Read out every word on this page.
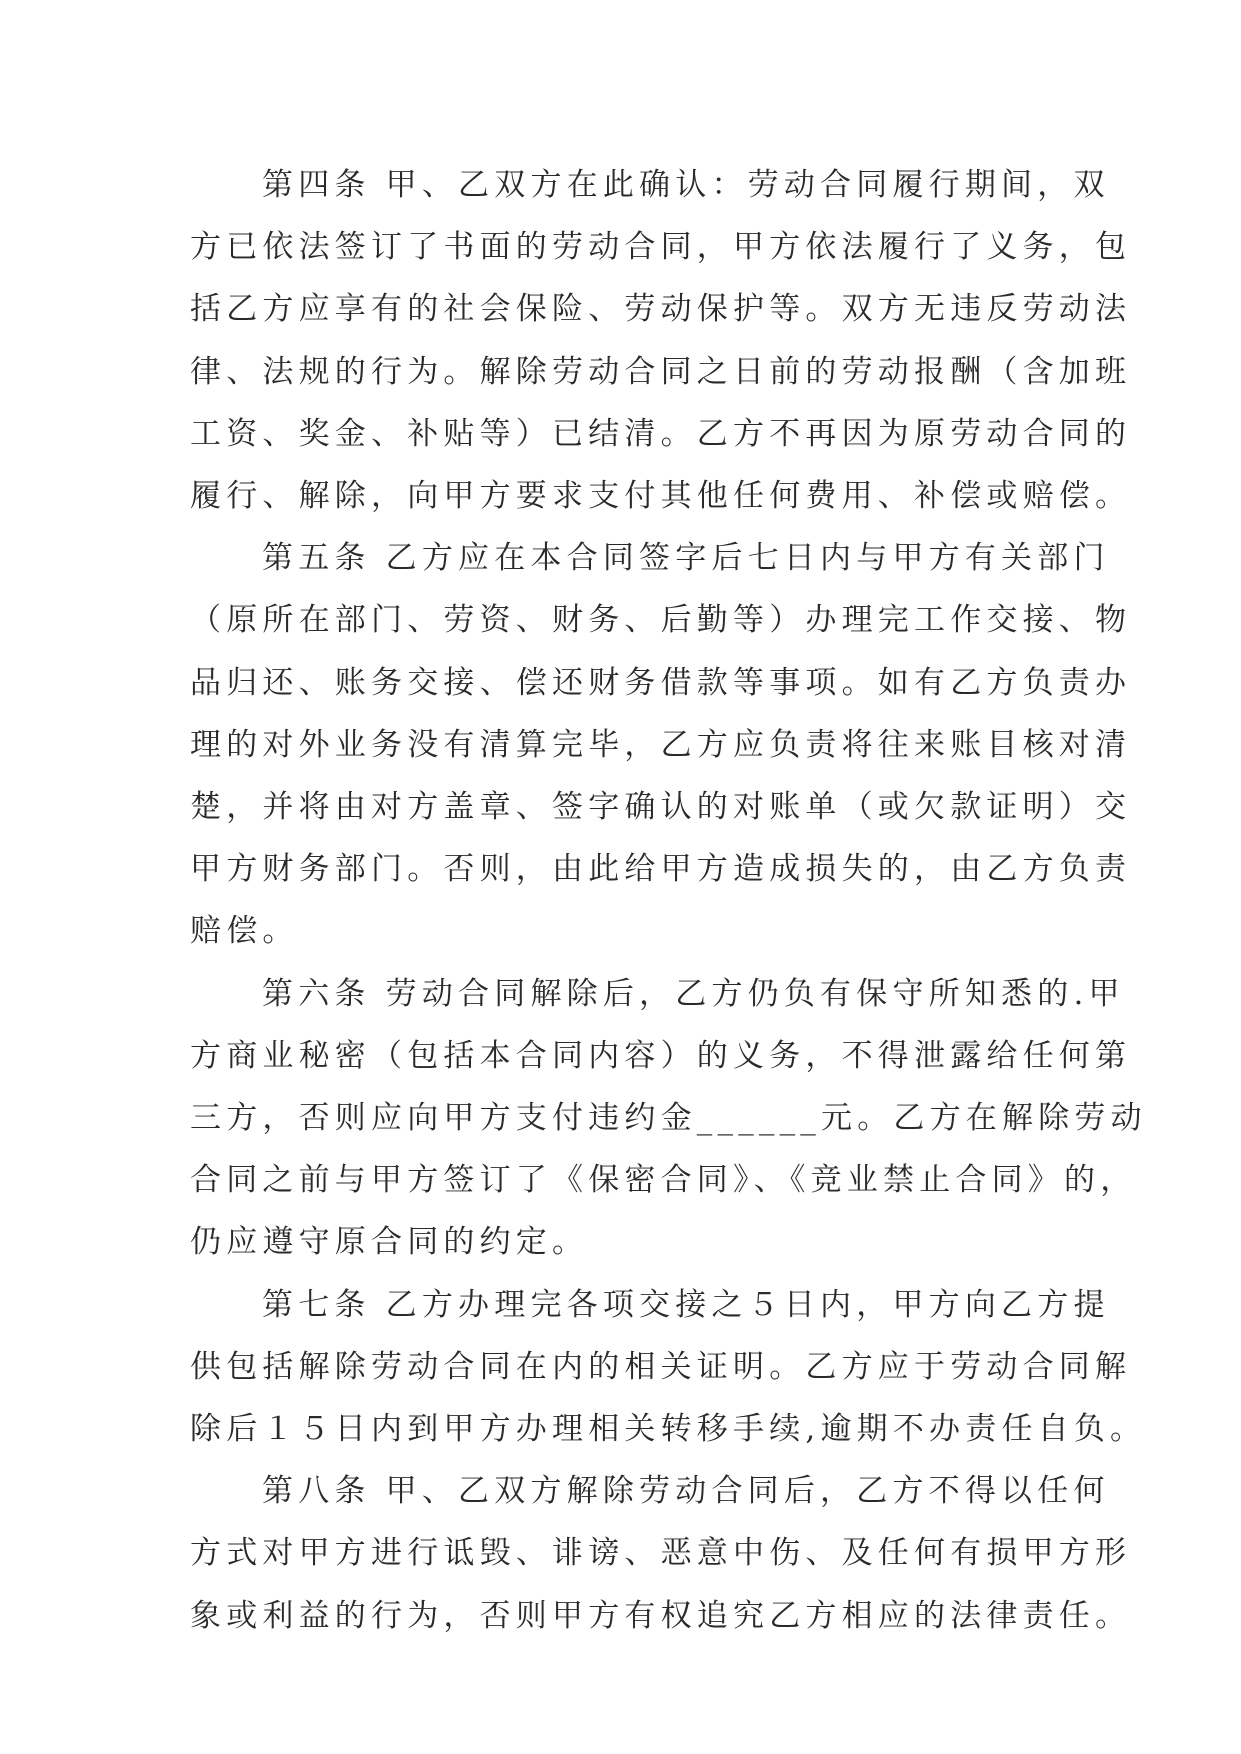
第四条 甲、乙双方在此确认：劳动合同履行期间，双
方已依法签订了书面的劳动合同，甲方依法履行了义务，包
括乙方应享有的社会保险、劳动保护等。双方无违反劳动法
律、法规的行为。解除劳动合同之日前的劳动报酬（含加班
工资、奖金、补贴等）已结清。乙方不再因为原劳动合同的
履行、解除，向甲方要求支付其他任何费用、补偿或赔偿。
第五条 乙方应在本合同签字后七日内与甲方有关部门
（原所在部门、劳资、财务、后勤等）办理完工作交接、物
品归还、账务交接、偿还财务借款等事项。如有乙方负责办
理的对外业务没有清算完毕，乙方应负责将往来账目核对清
楚，并将由对方盖章、签字确认的对账单（或欠款证明）交
甲方财务部门。否则，由此给甲方造成损失的，由乙方负责
赔偿。
第六条 劳动合同解除后，乙方仍负有保守所知悉的.甲
方商业秘密（包括本合同内容）的义务，不得泄露给任何第
三方，否则应向甲方支付违约金______元。乙方在解除劳动
合同之前与甲方签订了《保密合同》、《竞业禁止合同》的，
仍应遵守原合同的约定。
第七条 乙方办理完各项交接之５日内，甲方向乙方提
供包括解除劳动合同在内的相关证明。乙方应于劳动合同解
除后１５日内到甲方办理相关转移手续,逾期不办责任自负。
第八条 甲、乙双方解除劳动合同后，乙方不得以任何
方式对甲方进行诋毁、诽谤、恶意中伤、及任何有损甲方形
象或利益的行为，否则甲方有权追究乙方相应的法律责任。
